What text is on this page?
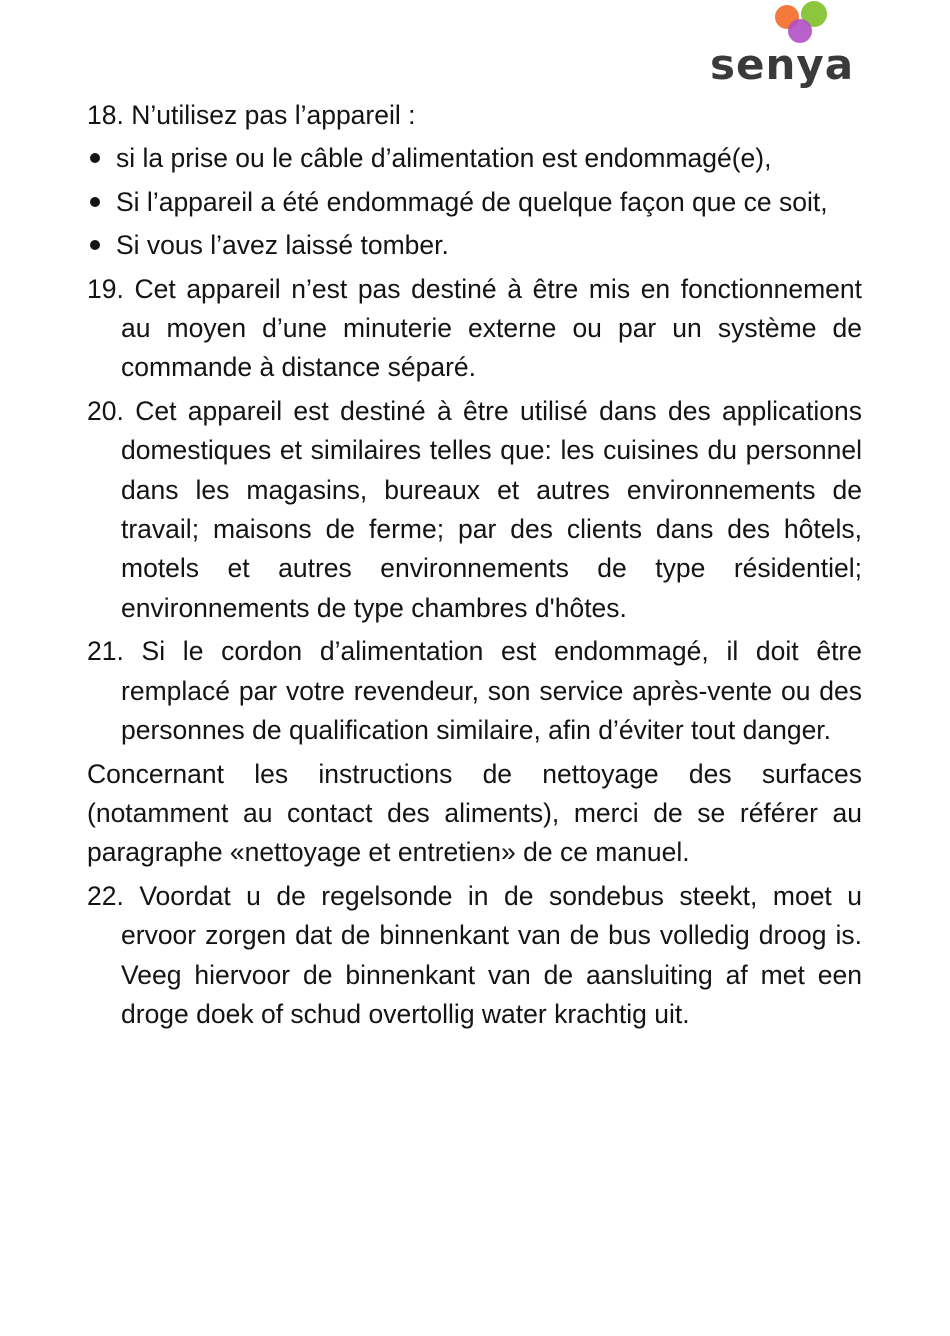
senya

18. N’utilisez pas l’appareil :

si la prise ou le câble d’alimentation est endommagé(e),

Si l’appareil a été endommagé de quelque façon que ce soit,

Si vous l’avez laissé tomber.

19. Cet appareil n’est pas destiné à être mis en fonctionnement au moyen d’une minuterie externe ou par un système de commande à distance séparé.

20. Cet appareil est destiné à être utilisé dans des applications domestiques et similaires telles que: les cuisines du personnel dans les magasins, bureaux et autres environnements de travail; maisons de ferme; par des clients dans des hôtels, motels et autres environnements de type résidentiel; environnements de type chambres d'hôtes.

21. Si le cordon d’alimentation est endommagé, il doit être remplacé par votre revendeur, son service après-vente ou des personnes de qualification similaire, afin d’éviter tout danger.

Concernant les instructions de nettoyage des surfaces (notamment au contact des aliments), merci de se référer au paragraphe «nettoyage et entretien» de ce manuel.

22. Voordat u de regelsonde in de sondebus steekt, moet u ervoor zorgen dat de binnenkant van de bus volledig droog is. Veeg hiervoor de binnenkant van de aansluiting af met een droge doek of schud overtollig water krachtig uit.
